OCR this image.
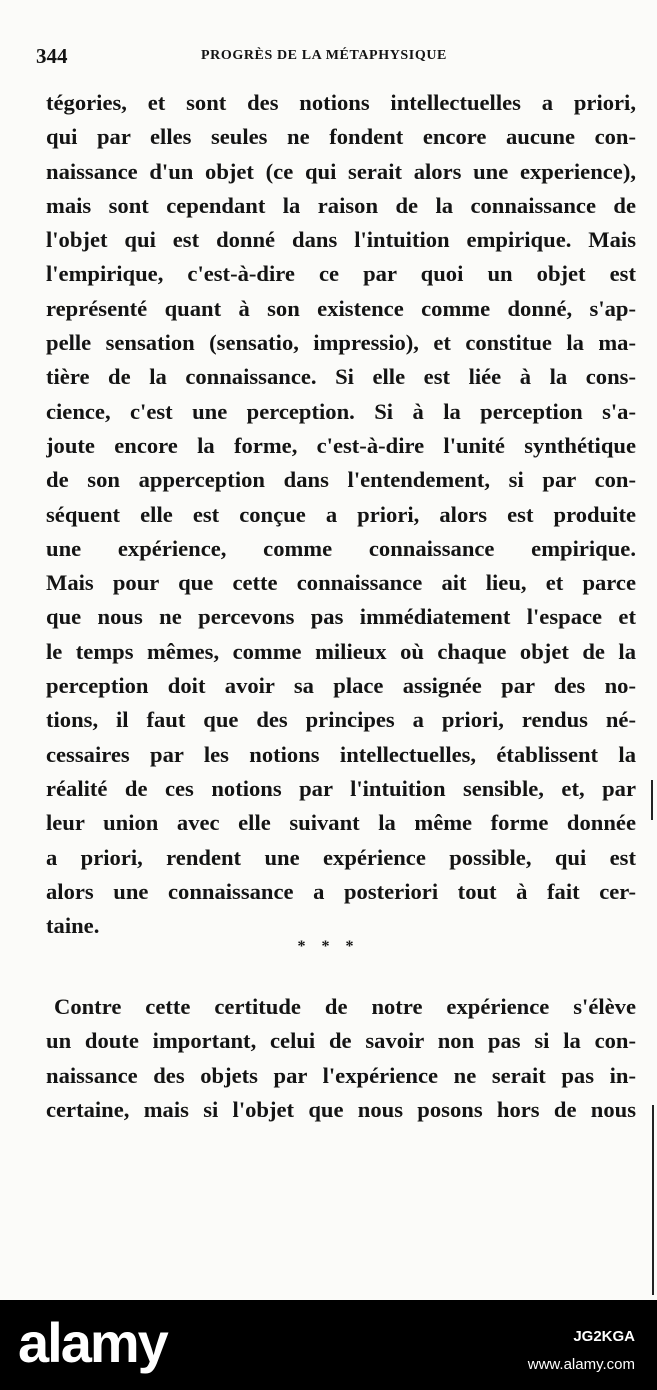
344	PROGRÈS DE LA MÉTAPHYSIQUE
tégories, et sont des notions intellectuelles a priori,
qui par elles seules ne fondent encore aucune con-
naissance d'un objet (ce qui serait alors une experience),
mais sont cependant la raison de la connaissance de
l'objet qui est donné dans l'intuition empirique. Mais
l'empirique, c'est-à-dire ce par quoi un objet est
représenté quant à son existence comme donné, s'ap-
pelle sensation (sensatio, impressio), et constitue la ma-
tière de la connaissance. Si elle est liée à la cons-
cience, c'est une perception. Si à la perception s'a-
joute encore la forme, c'est-à-dire l'unité synthétique
de son apperception dans l'entendement, si par con-
séquent elle est conçue a priori, alors est produite
une expérience, comme connaissance empirique.
Mais pour que cette connaissance ait lieu, et parce
que nous ne percevons pas immédiatement l'espace et
le temps mêmes, comme milieux où chaque objet de la
perception doit avoir sa place assignée par des no-
tions, il faut que des principes a priori, rendus né-
cessaires par les notions intellectuelles, établissent la
réalité de ces notions par l'intuition sensible, et, par
leur union avec elle suivant la même forme donnée
a priori, rendent une expérience possible, qui est
alors une connaissance a posteriori tout à fait cer-
taine.
* * *
Contre cette certitude de notre expérience s'élève
un doute important, celui de savoir non pas si la con-
naissance des objets par l'expérience ne serait pas in-
certaine, mais si l'objet que nous posons hors de nous
alamy	JG2KGA
www.alamy.com
